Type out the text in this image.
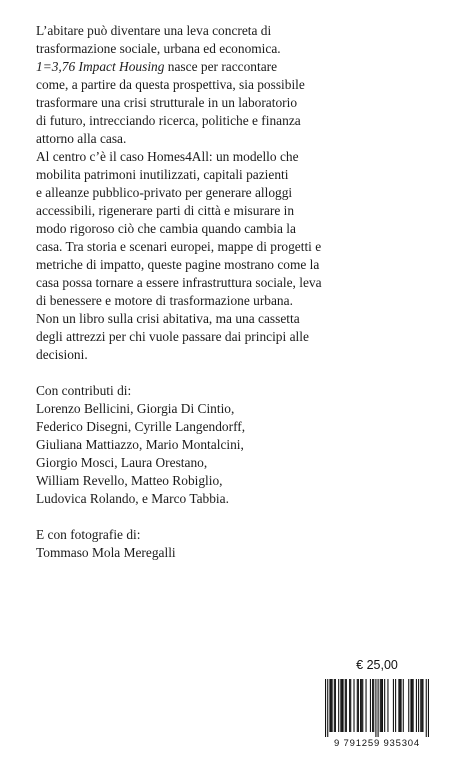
L’abitare può diventare una leva concreta di
trasformazione sociale, urbana ed economica.
1=3,76 Impact Housing nasce per raccontare
come, a partire da questa prospettiva, sia possibile
trasformare una crisi strutturale in un laboratorio
di futuro, intrecciando ricerca, politiche e finanza
attorno alla casa.
Al centro c’è il caso Homes4All: un modello che
mobilita patrimoni inutilizzati, capitali pazienti
e alleanze pubblico-privato per generare alloggi
accessibili, rigenerare parti di città e misurare in
modo rigoroso ciò che cambia quando cambia la
casa. Tra storia e scenari europei, mappe di progetti e
metriche di impatto, queste pagine mostrano come la
casa possa tornare a essere infrastruttura sociale, leva
di benessere e motore di trasformazione urbana.
Non un libro sulla crisi abitativa, ma una cassetta
degli attrezzi per chi vuole passare dai principi alle
decisioni.
Con contributi di:
Lorenzo Bellicini, Giorgia Di Cintio,
Federico Disegni, Cyrille Langendorff,
Giuliana Mattiazzo, Mario Montalcini,
Giorgio Mosci, Laura Orestano,
William Revello, Matteo Robiglio,
Ludovica Rolando, e Marco Tabbia.
E con fotografie di:
Tommaso Mola Meregalli
€ 25,00
9 791259 935304
